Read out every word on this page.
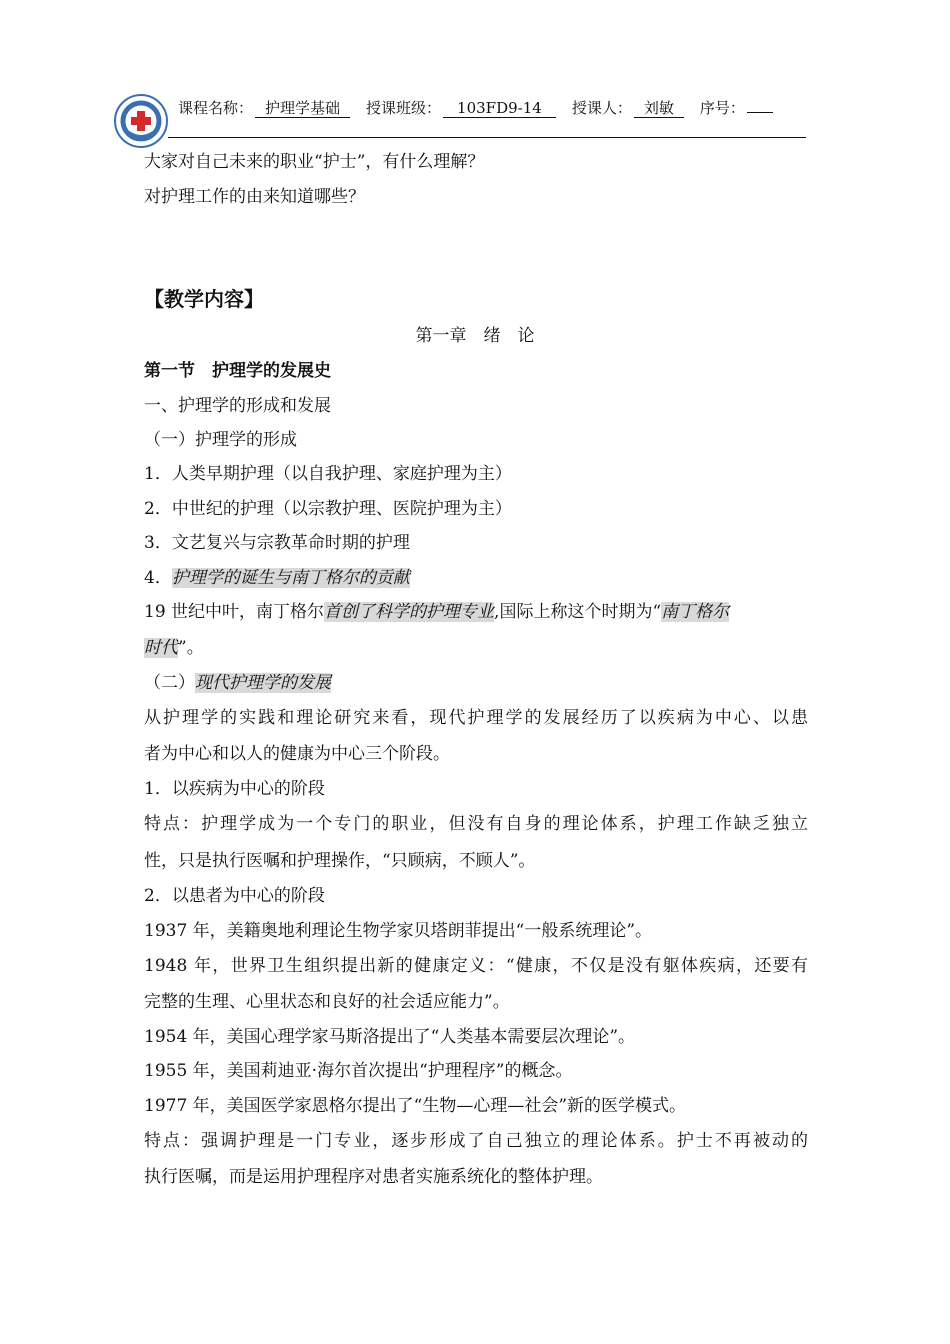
课程名称： 护理学基础 授课班级： 103FD9-14 授课人： 刘敏 序号：
大家对自己未来的职业“护士”，有什么理解？
对护理工作的由来知道哪些？
【教学内容】
第一章　绪　论
第一节　护理学的发展史
一、护理学的形成和发展
（一）护理学的形成
1．人类早期护理（以自我护理、家庭护理为主）
2．中世纪的护理（以宗教护理、医院护理为主）
3．文艺复兴与宗教革命时期的护理
4．护理学的诞生与南丁格尔的贡献
19 世纪中叶，南丁格尔首创了科学的护理专业,国际上称这个时期为“南丁格尔
时代”。
（二）现代护理学的发展
从护理学的实践和理论研究来看，现代护理学的发展经历了以疾病为中心、以患
者为中心和以人的健康为中心三个阶段。
1．以疾病为中心的阶段
特点：护理学成为一个专门的职业，但没有自身的理论体系，护理工作缺乏独立
性，只是执行医嘱和护理操作，“只顾病，不顾人”。
2．以患者为中心的阶段
1937 年，美籍奥地利理论生物学家贝塔朗菲提出“一般系统理论”。
1948 年，世界卫生组织提出新的健康定义：“健康，不仅是没有躯体疾病，还要有
完整的生理、心里状态和良好的社会适应能力”。
1954 年，美国心理学家马斯洛提出了“人类基本需要层次理论”。
1955 年，美国莉迪亚·海尔首次提出“护理程序”的概念。
1977 年，美国医学家恩格尔提出了“生物—心理—社会”新的医学模式。
特点：强调护理是一门专业，逐步形成了自己独立的理论体系。护士不再被动的
执行医嘱，而是运用护理程序对患者实施系统化的整体护理。
